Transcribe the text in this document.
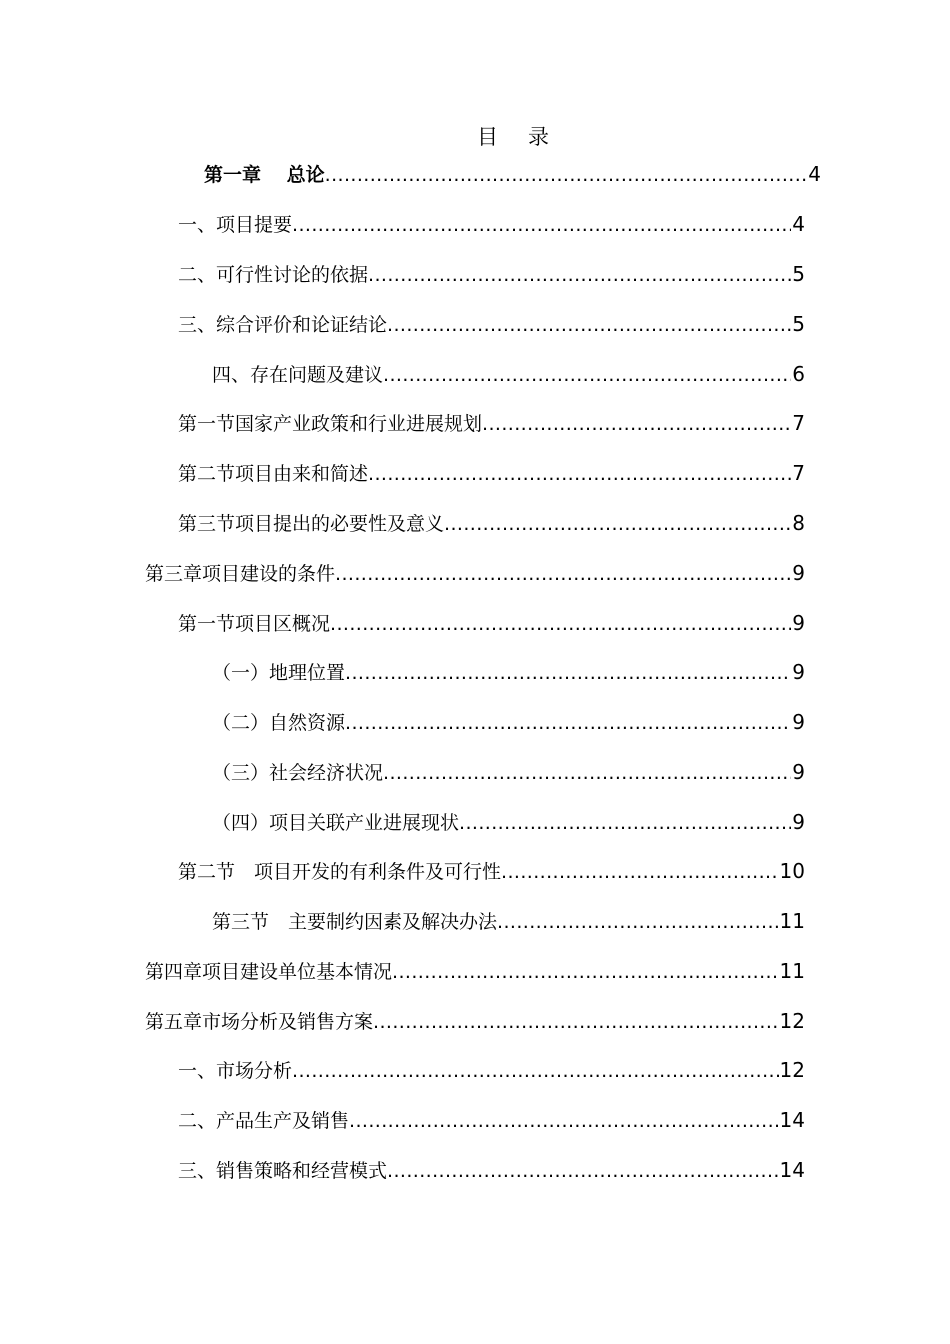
目 录
第一章　 总论 .....	4
一、项目提要 .....	4
二、可行性讨论的依据 .....	5
三、综合评价和论证结论 .....	5
四、存在问题及建议 .....	6
第一节国家产业政策和行业进展规划 .....	7
第二节项目由来和简述 .....	7
第三节项目提出的必要性及意义 .....	8
第三章项目建设的条件 .....	9
第一节项目区概况 .....	9
（一）地理位置 .....	9
（二）自然资源 .....	9
（三）社会经济状况 .....	9
（四）项目关联产业进展现状 .....	9
第二节　项目开发的有利条件及可行性 .....	10
第三节　主要制约因素及解决办法 .....	11
第四章项目建设单位基本情况 .....	11
第五章市场分析及销售方案 .....	12
一、市场分析 .....	12
二、产品生产及销售 .....	14
三、销售策略和经营模式 .....	14
